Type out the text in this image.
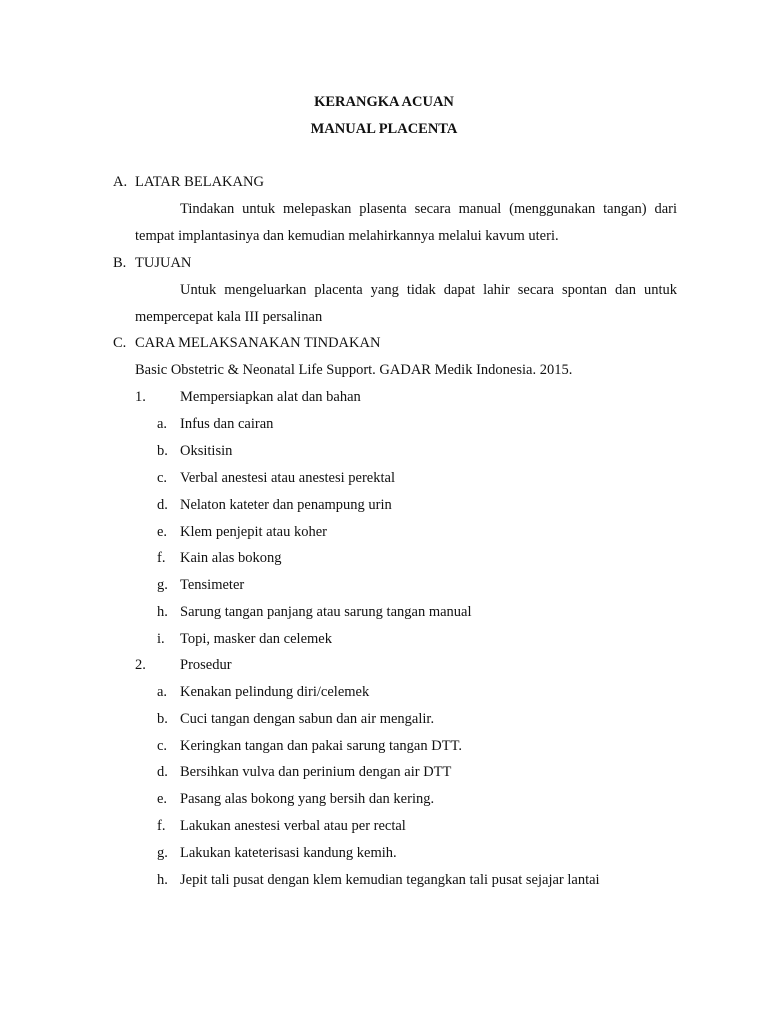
KERANGKA ACUAN
MANUAL PLACENTA
A. LATAR BELAKANG
Tindakan untuk melepaskan plasenta secara manual (menggunakan tangan) dari
tempat implantasinya dan kemudian melahirkannya melalui kavum uteri.
B. TUJUAN
Untuk mengeluarkan placenta yang tidak dapat lahir secara spontan dan untuk
mempercepat kala III persalinan
C. CARA MELAKSANAKAN TINDAKAN
Basic Obstetric & Neonatal Life Support. GADAR Medik Indonesia. 2015.
1. Mempersiapkan alat dan bahan
a. Infus dan cairan
b. Oksitisin
c. Verbal anestesi atau anestesi perektal
d. Nelaton kateter dan penampung urin
e. Klem penjepit atau koher
f. Kain alas bokong
g. Tensimeter
h. Sarung tangan panjang atau sarung tangan manual
i. Topi, masker dan celemek
2. Prosedur
a. Kenakan pelindung diri/celemek
b. Cuci tangan dengan sabun dan air mengalir.
c. Keringkan tangan dan pakai sarung tangan DTT.
d. Bersihkan vulva dan perinium dengan air DTT
e. Pasang alas bokong yang bersih dan kering.
f. Lakukan anestesi verbal atau per rectal
g. Lakukan kateterisasi kandung kemih.
h. Jepit tali pusat dengan klem kemudian tegangkan tali pusat sejajar lantai
